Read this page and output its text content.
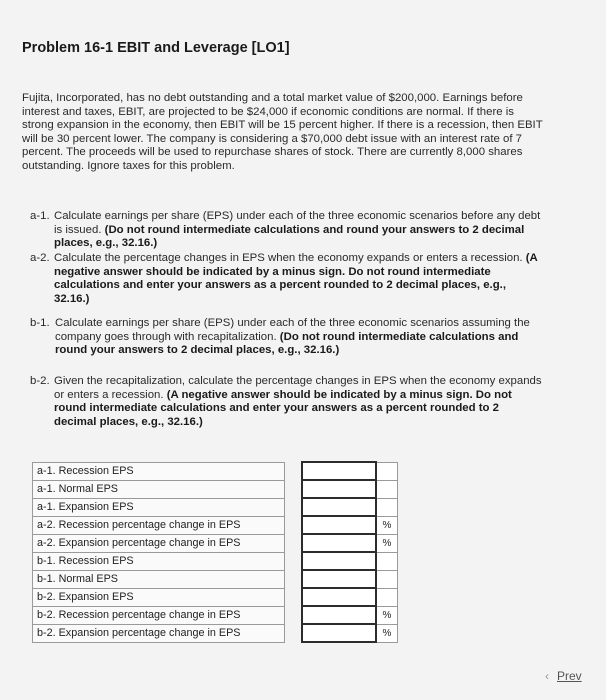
Problem 16-1 EBIT and Leverage [LO1]
Fujita, Incorporated, has no debt outstanding and a total market value of $200,000. Earnings before interest and taxes, EBIT, are projected to be $24,000 if economic conditions are normal. If there is strong expansion in the economy, then EBIT will be 15 percent higher. If there is a recession, then EBIT will be 30 percent lower. The company is considering a $70,000 debt issue with an interest rate of 7 percent. The proceeds will be used to repurchase shares of stock. There are currently 8,000 shares outstanding. Ignore taxes for this problem.
a-1. Calculate earnings per share (EPS) under each of the three economic scenarios before any debt is issued. (Do not round intermediate calculations and round your answers to 2 decimal places, e.g., 32.16.)
a-2. Calculate the percentage changes in EPS when the economy expands or enters a recession. (A negative answer should be indicated by a minus sign. Do not round intermediate calculations and enter your answers as a percent rounded to 2 decimal places, e.g., 32.16.)
b-1. Calculate earnings per share (EPS) under each of the three economic scenarios assuming the company goes through with recapitalization. (Do not round intermediate calculations and round your answers to 2 decimal places, e.g., 32.16.)
b-2. Given the recapitalization, calculate the percentage changes in EPS when the economy expands or enters a recession. (A negative answer should be indicated by a minus sign. Do not round intermediate calculations and enter your answers as a percent rounded to 2 decimal places, e.g., 32.16.)
a-1. Recession EPS			
a-1. Normal EPS			
a-1. Expansion EPS			
a-2. Recession percentage change in EPS			%
a-2. Expansion percentage change in EPS			%
b-1. Recession EPS			
b-1. Normal EPS			
b-2. Expansion EPS			
b-2. Recession percentage change in EPS			%
b-2. Expansion percentage change in EPS			%
‹ Prev
